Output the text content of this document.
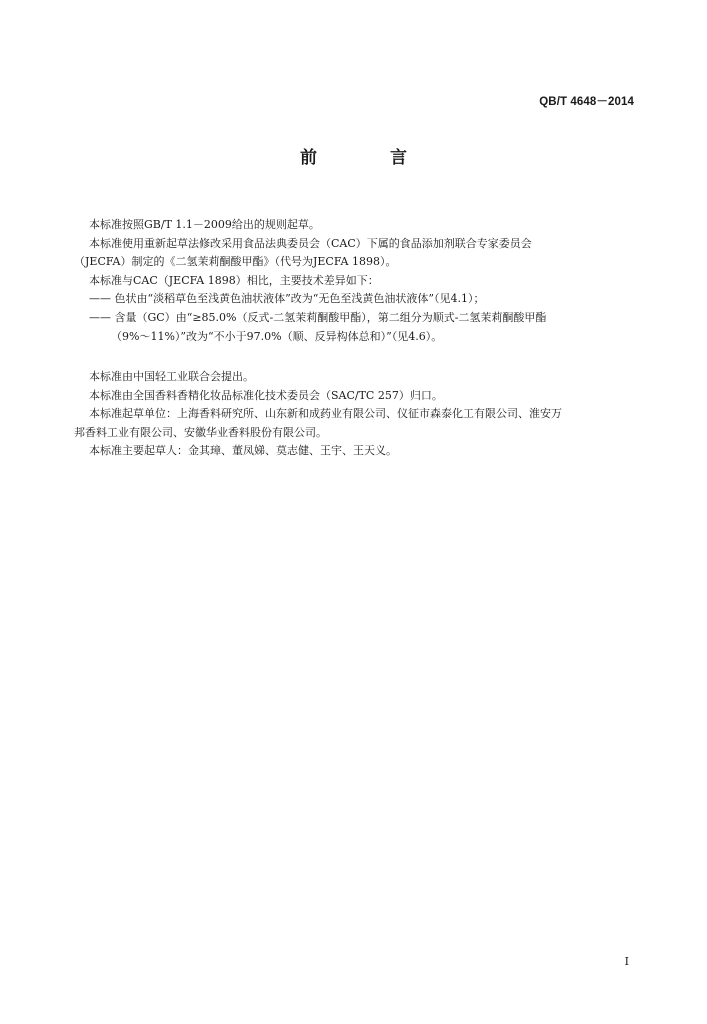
QB/T 4648－2014
前　言

本标准按照GB/T 1.1－2009给出的规则起草。

本标准使用重新起草法修改采用食品法典委员会（CAC）下属的食品添加剂联合专家委员会

（JECFA）制定的《二氢茉莉酮酸甲酯》（代号为JECFA 1898）。

本标准与CAC（JECFA 1898）相比，主要技术差异如下：

—— 色状由“淡稻草色至浅黄色油状液体”改为“无色至浅黄色油状液体”（见4.1）；

—— 含量（GC）由“≥85.0%（反式-二氢茉莉酮酸甲酯），第二组分为顺式-二氢茉莉酮酸甲酯

（9%～11%）”改为“不小于97.0%（顺、反异构体总和）”（见4.6）。

本标准由中国轻工业联合会提出。

本标准由全国香料香精化妆品标准化技术委员会（SAC/TC 257）归口。

本标准起草单位：上海香料研究所、山东新和成药业有限公司、仪征市森泰化工有限公司、淮安万

邦香料工业有限公司、安徽华业香料股份有限公司。

本标准主要起草人：金其璋、董凤娣、莫志健、王宇、王天义。

I
